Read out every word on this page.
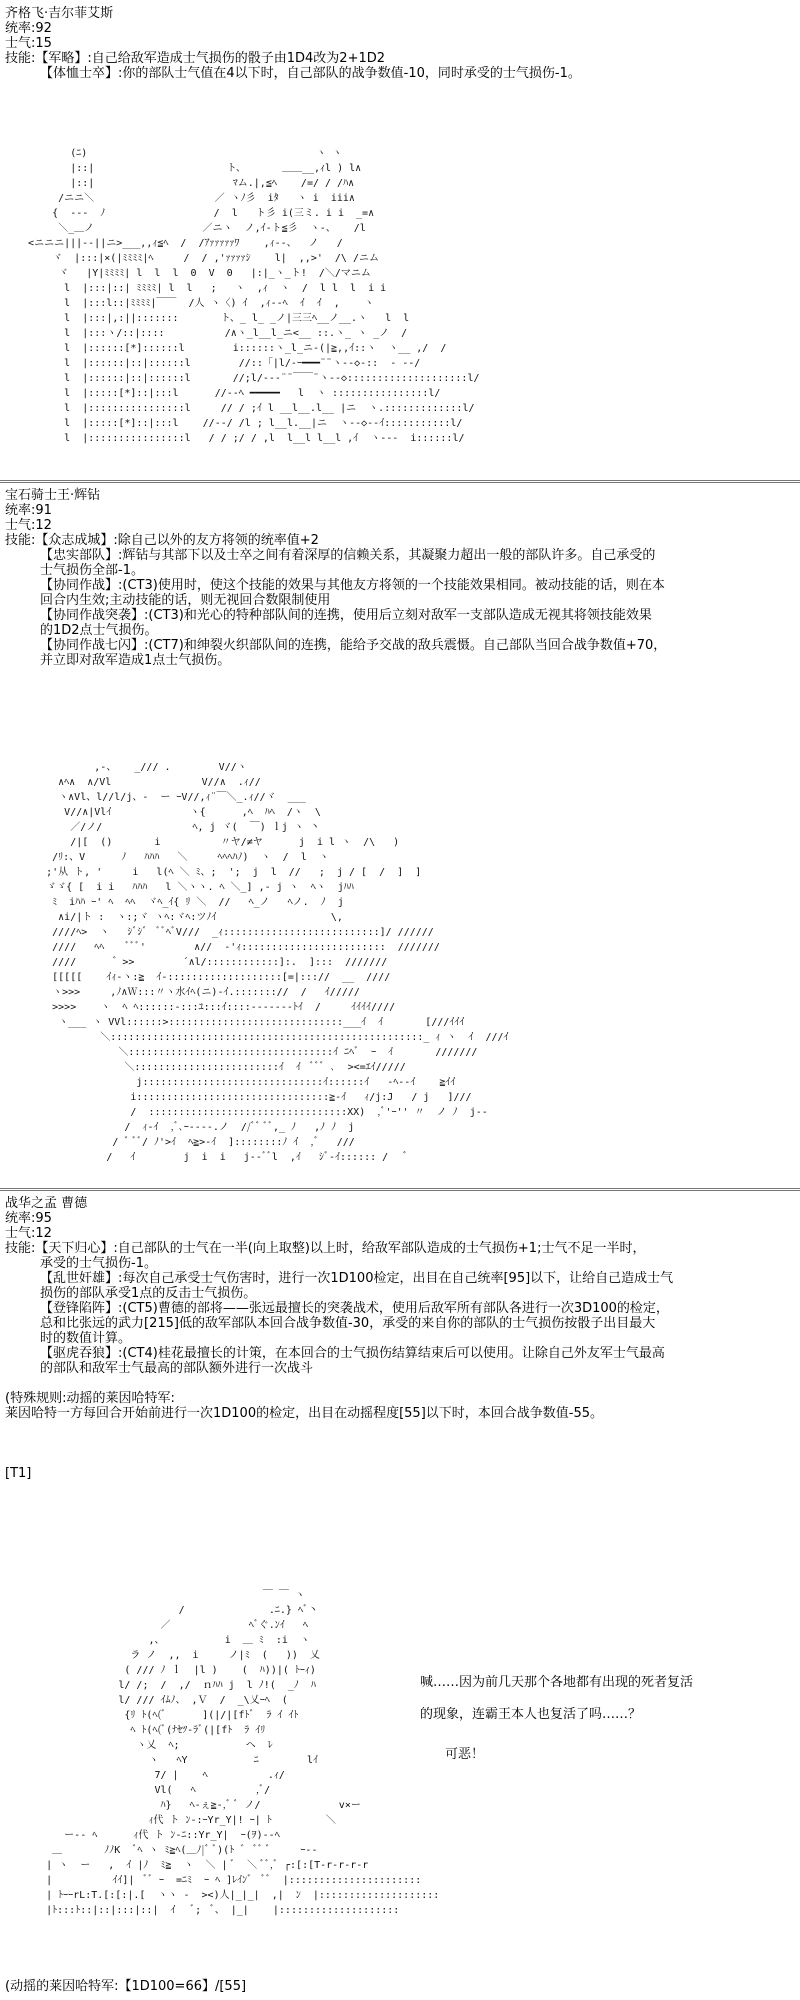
齐格飞·吉尔菲艾斯
统率:92
士气:15
技能:【军略】:自己给敌军造成士气损伤的骰子由1D4改为2+1D2
【体恤士卒】:你的部队士气值在4以下时，自己部队的战争数值-10，同时承受的士气损伤-1。
(ﾆ)                                      ヽ ヽ
|::|                      ト、      ＿＿__,ｨl ) l∧
|::|                       ﾏム.|,≦ﾍ    /=/ / /ﾊ∧
/ニニ＼                    ／ ヽﾉ彡  iﾀ   ヽ i  iii∧
{  ---  ﾉ                  /  l   ト彡 i(三ミ. i i  _=∧
＼_＿ノ                  ／ニヽ  ノ,ｲ-ト≦彡  ヽ-、   /l
<ニニニ|||--||ニ>___,,ｨ≦ﾍ  /  /ｱｧｧｧｧｧﾜ    ,ｨ--、  ノ   /
ヾ  |:::|×(|ﾐﾐﾐﾐ|ﾍ     /  / ,'ｧｧｧｧｼ    l|  ,,>'  /\ /ニム
ヾ   |Y|ﾐﾐﾐﾐ| l  l  l  0  V  0   |:|_ヽ_ト!  /＼/マニム
l  |:::|::| ﾐﾐﾐﾐ| l  l   ;   ヽ  ,ｨ  ヽ  /  l l  l  i i
l  |:::l::|ﾐﾐﾐﾐ|￣￣  /人 ヽ〈) ｲ  ,ｨ--ﾍ  ｲ  ｲ  ,    ヽ
l  |:::|,:||:::::::       ト、_ l_ _ノ|三三ﾍ__ノ__.ヽ   l  l
l  |:::ヽ/::|::::          /∧ヽ_l__l_ニ<__ ::.ヽ_ ヽ _ノ  /
l  |::::::[*]::::::l        i::::::ヽ_l_ニ-(|≧,,ｲ::ヽ  ヽ__ ,/  /
l  |::::::|::|::::::l        //::「|l/-ｰ━━━¨¨ヽ--◇-::  ‐ -‐/
l  |::::::|::|::::::l       //;l/---¨¨￣￣¨ヽ--◇::::::::::::::::::::l/
l  |:::::[*]::|:::l      //--ﾍ ━━━━━   l  ヽ ::::::::::::::::l/
l  |::::::::::::::::l     // / ;ｲ l __l__.l__ |ニ  ヽ.:::::::::::::l/
l  |:::::[*]::|:::l    //--/ /l ; l__l.__|ニ  ヽ--◇--ｲ:::::::::::l/
l  |::::::::::::::::l   / / ;/ / ,l  l__l l__l ,ｲ  ヽ---  i::::::l/
宝石骑士王·辉钻
统率:91
士气:12
技能:【众志成城】:除自己以外的友方将领的统率值+2
【忠实部队】:辉钻与其部下以及士卒之间有着深厚的信赖关系，其凝聚力超出一般的部队许多。自己承受的
士气损伤全部-1。
【协同作战】:(CT3)使用时，使这个技能的效果与其他友方将领的一个技能效果相同。被动技能的话，则在本
回合内生效;主动技能的话，则无视回合数限制使用
【协同作战突袭】:(CT3)和光心的特种部队间的连携，使用后立刻对敌军一支部队造成无视其将领技能效果
的1D2点士气损伤。
【协同作战七闪】:(CT7)和绅裂火织部队间的连携，能给予交战的敌兵震慑。自己部队当回合战争数值+70，
并立即对敌军造成1点士气损伤。
,-、   _/// .        V//ヽ
∧ﾍ∧  ∧/Vl               V//∧  .ｨ//
ヽ∧Vl、l//l/j、-  ー ｰV//,ｨ¨￣＼_.ｨ//ヾ  ___
V//∧|Vlｲ             ヽ{      ,ﾍ  ﾊﾍ  /ヽ  \
／/ノ/               ﾍ, j ヾ(  ￣) ｌj ヽ 丶
/|[  ()       i          〃ヤ/≠ヤ      j  i l ヽ  /\   )
/ﾘ:、V      ﾉ   ﾊﾊﾊ   ＼     ﾍﾍﾍﾊﾉ)  ヽ  /  l  ヽ
;'从 ト, '     i   l(ﾍ ＼ ﾐ、;  ';  j  l  //   ;  j / [  /  ]  ]
ゞゞ{ [  i i   ﾊﾊﾊ   l ＼ヽヽ. ﾍ ＼_] ,- j ヽ  ﾍヽ  jﾊﾊ
ﾐ  iﾊﾊ ｰ' ﾍ  ﾍﾍ  ヾﾍ_ｲ{ ﾘ ＼  //   ﾍ_ノ   ﾍノ.  ﾉ  j
∧i/|ト :  ヽ:;ヾ ヽﾍ:ヾﾍ:ツﾉｲ                   \,
////ﾍ>  ヽ   ｼﾞｼﾞ  ﾞﾞﾍﾞV///  _ｨ::::::::::::::::::::::::::]/ //////
////   ﾍﾍ    ﾞﾞﾞ'        ∧//  ‐'ｨ::::::::::::::::::::::::  ///////
////      ゛>>        ´∧l/::::::::::::]:.  ]:::  ///////
[[[[[    ｲｨ‐ヽ:≧  ｲ-:::::::::::::::::::[=|::://  __  ////
ヽ>>>     ,ﾉ∧Ｗ:::〃ヽ水ｲﾍ(ニ)-ｲ.::::::://  /   ｲ/////
>>>>    ヽ  ﾍ ﾍ::::::-:::ﾕ:::ｲ::::-------ﾄｲ  /     ｲｲｲｲ////
ヽ___ ヽ VVl::::::>:::::::::::::::::::::::::::::___ｲ  ｲ       [///ｲｲｲ
＼::::::::::::::::::::::::::::::::::::::::::::::::::::_ ｨ ヽ  ｲ  ///ｲ
＼::::::::::::::::::::::::::::::::::ｲ ﾆﾍﾞ  ｰ  ｲ       ///////
＼::::::::::::::::::::::::ｲ  ｲ  ﾞﾞﾞ ､  ><=ｴｲ/////
j::::::::::::::::::::::::::::::ｲ::::::ｲ   ‐ﾍ--ｲ    ≧ｲｲ
i::::::::::::::::::::::::::::::::≧-ｲ   ｨ/j:J   / j   ]///
/  :::::::::::::::::::::::::::::::::XX)  ,ﾞ'ｰ'' 〃  ノ ﾉ  j--
/  ｨ-ｲ  ,ﾞ､ｰ----.ノ  //ﾞﾞ ﾞﾞ,_ ﾉ   ,ﾉ ﾉ  j
/ ﾞ ﾞﾞ/ ﾉ'>ｲ  ﾍ≧>-ｲ  ]::::::::ﾉ ｲ  ,ﾞ   ///
/   ｲ        j  i  i   j--ﾞﾞl  ,ｲ   ｼﾞ-ｲ:::::: /   ﾞ
战华之孟 曹德
统率:95
士气:12
技能:【天下归心】:自己部队的士气在一半(向上取整)以上时，给敌军部队造成的士气损伤+1;士气不足一半时，
承受的士气损伤-1。
【乱世奸雄】:每次自己承受士气伤害时，进行一次1D100检定，出目在自己统率[95]以下，让给自己造成士气
损伤的部队承受1点的反击士气损伤。
【登锋陷阵】:(CT5)曹德的部将——张远最擅长的突袭战术，使用后敌军所有部队各进行一次3D100的检定，
总和比张远的武力[215]低的敌军部队本回合战争数值-30，承受的来自你的部队的士气损伤按骰子出目最大
时的数值计算。
【驱虎吞狼】:(CT4)桂花最擅长的计策，在本回合的士气损伤结算结束后可以使用。让除自己外友军士气最高
的部队和敌军士气最高的部队额外进行一次战斗
(特殊规则:动摇的莱因哈特军:
莱因哈特一方每回合开始前进行一次1D100的检定，出目在动摇程度[55]以下时，本回合战争数值-55。
[T1]
￣ ￣ ヽ
/              .ﾆ.} ﾍﾞ丶
／             ﾍﾞぐ.ﾝｲ   ﾍ
,、          i  ＿ ﾐ  :i  ヽ
ラ ノ  ,,  i     ノ|ﾐ  (   ))  乂
( /// ﾉ ｌ  |l )    (  ﾊ))|( ﾄｰｨ)
l/ /;  /  ,/  ｎﾊﾊ j  l ﾉ!(  _ﾉ  ﾊ
l/ /// ｲﾑﾉ、 ,Ｖ  /  _\乂ｰﾍ  (
{ﾘ ﾄ(ﾍ(ﾞ      ](|/|[fﾄﾞ  ﾗ ｲ ｲﾄ
ﾍ ﾄ(ﾍ(ﾞ(ﾅｾﾂ-ﾗﾞ(|[fﾄ  ﾗ ｲﾘ
ヽ乂  ﾍ;           ヘ  ﾚ
ヽ   ﾍY           ﾆ        lｲ
7/ |    ﾍ          .ｨ/
Vl(   ﾍ          ,ﾞ/
ﾊ}   ﾍ-ぇ≧-,ﾞ ﾞ ノ/             v×ー
ｨ代 ト ﾝ-:ｰYr_Y|! ｰ| ﾄ         ＼
ー-- ﾍ      ｨ代 ト ﾝ-ﾆ::Yr_Y|  ｰ(ｦ)--ﾍ
＿       ﾉﾉK  ﾞﾍ ヽ ﾐ≧ﾍ(＿ﾉ|ﾞ ﾞ)(ﾄ ゛ ﾞﾞ ﾞ     ｰ--
| ヽ  ー   ,  ｲ |ﾉ  ﾐ≧  ヽ  ＼ | ﾞ  ＼ ﾞﾞ,ﾞ ┌:[:[T-r-r-r-r
|          ｲｲ]|  ﾞﾞ ｰ  =ﾆﾐ  ｰ ﾍ ]ﾚｲﾝﾞ  ﾞﾞ  |::::::::::::::::::::::
| ﾄｰｰrL:T.[:[:|.[  ヽヽ -  ><)人|_|_|  ,|  ﾝ  |::::::::::::::::::::
|ﾄ:::ﾄ::|::|:::|::|  ｲ   ﾞ;  ﾞ、 |_|    |::::::::::::::::::::
喊……因为前几天那个各地都有出现的死者复活
的现象，连霸王本人也复活了吗……？
可恶！
(动摇的莱因哈特军:【1D100=66】/[55]
